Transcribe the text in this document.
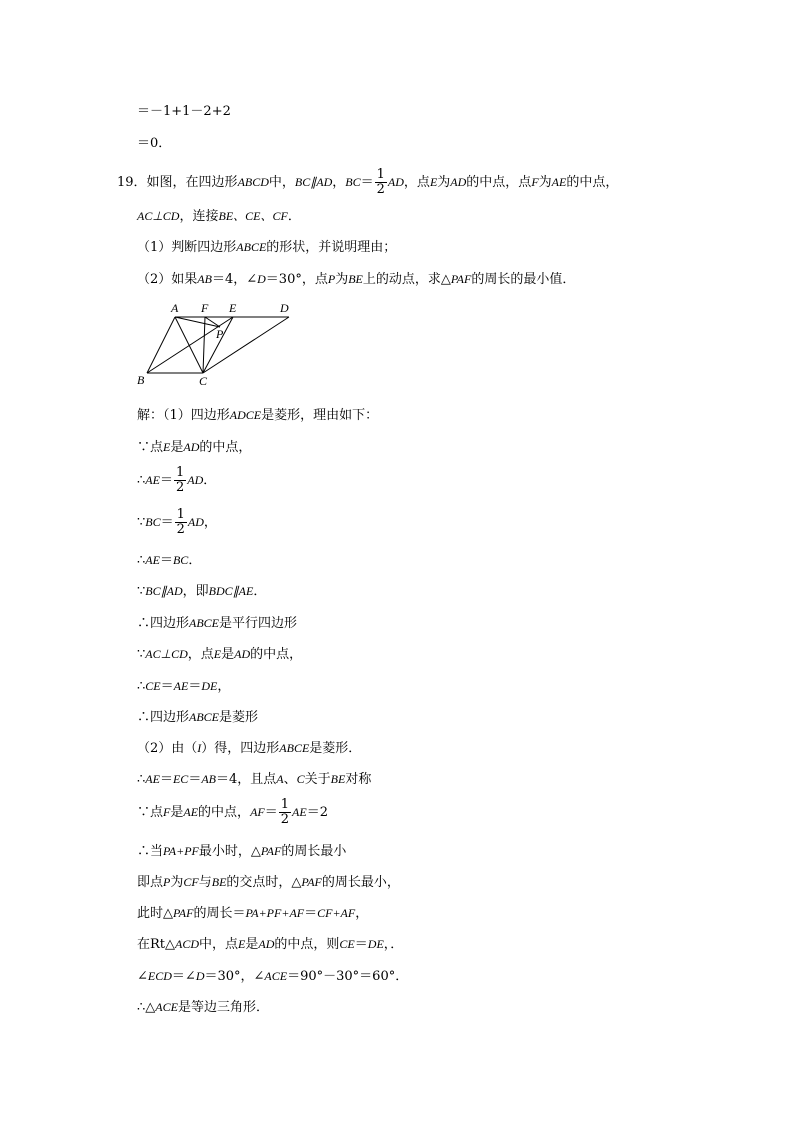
＝－1+1－2+2
＝0．
19．如图，在四边形ABCD中，BC∥AD，$BC= \frac{1}{2}$ AD，点E为AD的中点，点F为AE的中点，
AC⊥CD，连接BE、CE、CF．
（1）判断四边形ABCE的形状，并说明理由；
（2）如果AB＝4，∠D＝30°，点P为BE上的动点，求△PAF的周长的最小值．
A F E	D
P
B	C
解：（1）四边形ADCE是菱形，理由如下：
∵点E是AD的中点，
∴AE＝ $\frac{1}{2}$ AD．
∵BC＝ $\frac{1}{2}$ AD，
∴AE＝BC．
∵BC∥AD，即BDC∥AE．
∴四边形ABCE是平行四边形
∵AC⊥CD，点E是AD的中点，
∴CE＝AE＝DE，
∴四边形ABCE是菱形
（2）由（I）得，四边形ABCE是菱形．
∴AE＝EC＝AB＝4，且点A、C关于BE对称
∵点F是AE的中点，$AF= \frac{1}{2} AE=2$
∴当PA+PF最小时，△PAF的周长最小
即点P为CF与BE的交点时，△PAF的周长最小，
此时△PAF的周长＝PA+PF+AF＝CF+AF，
在Rt△ACD中，点E是AD的中点，则CE＝DE，．
∠ECD＝∠D＝30°，∠ACE＝90°－30°＝60°．
∴△ACE是等边三角形．
